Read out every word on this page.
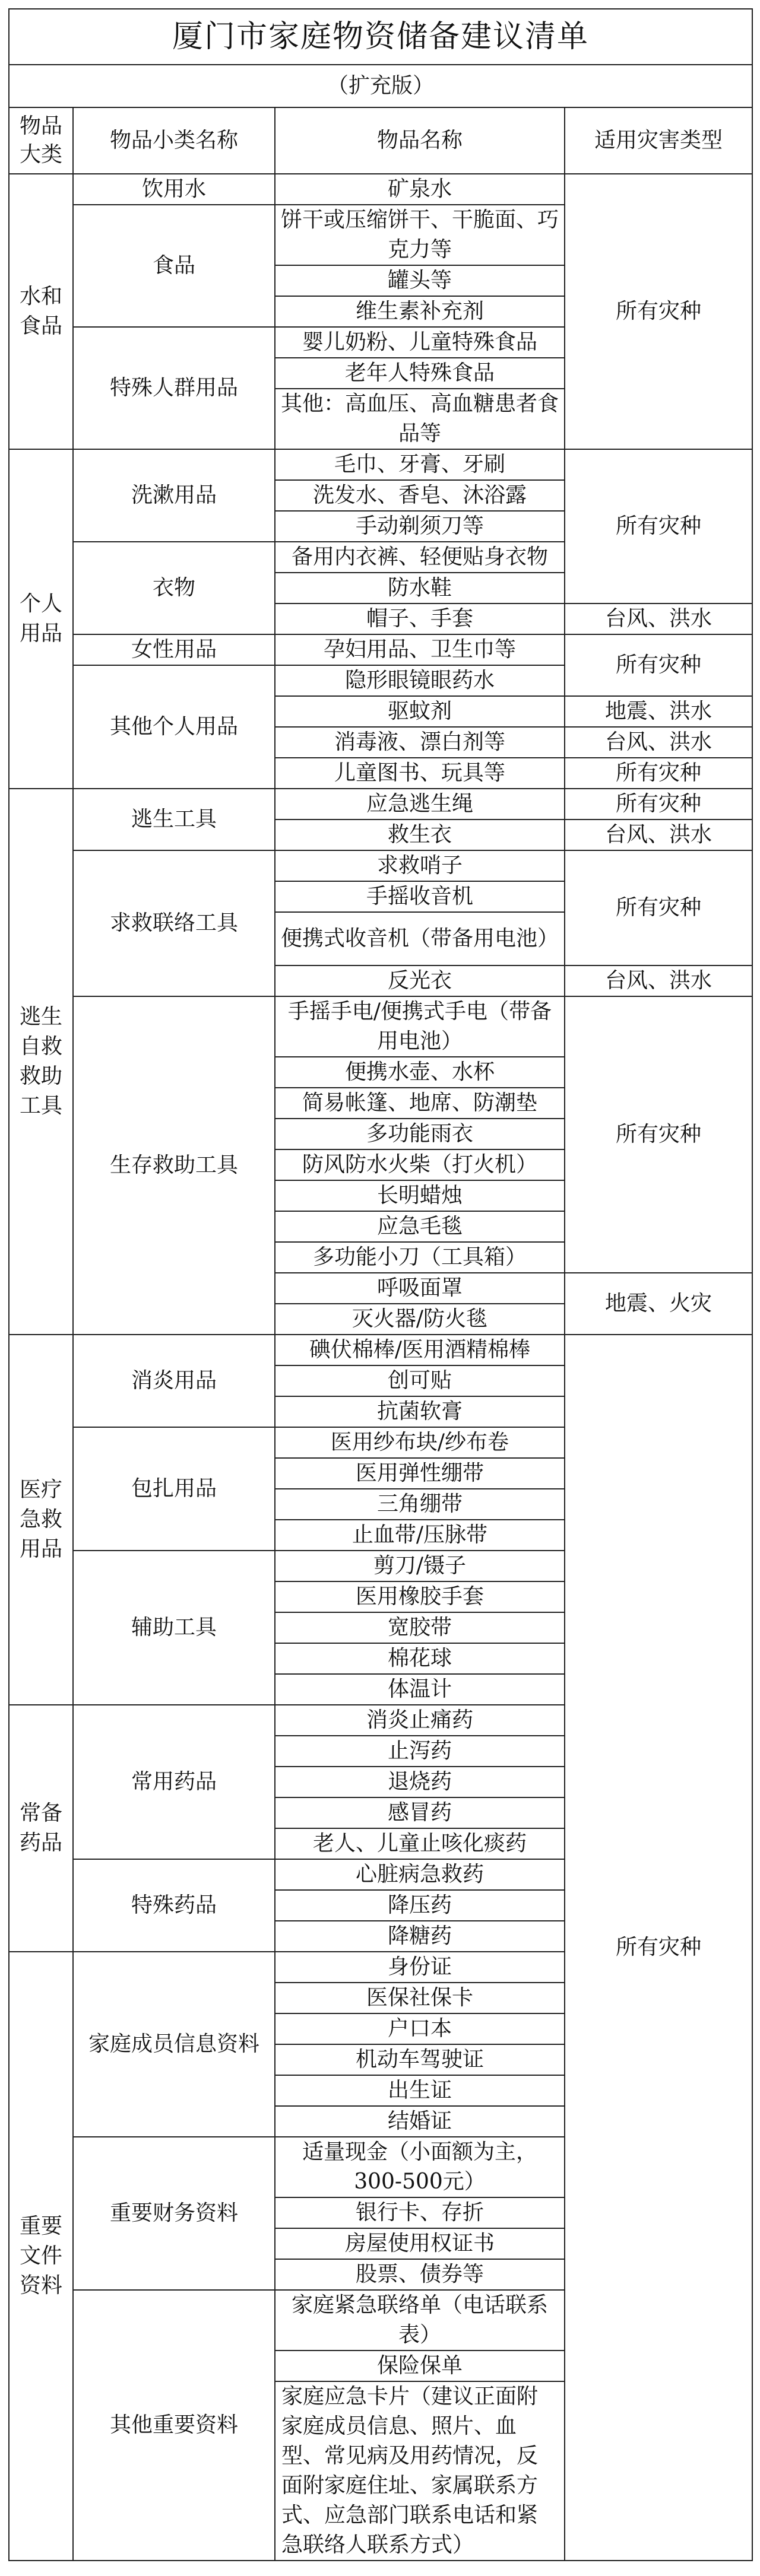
厦门市家庭物资储备建议清单			
（扩充版）			
物品大类	物品小类名称	物品名称	适用灾害类型
水和食品	饮用水	矿泉水	所有灾种
	食品	饼干或压缩饼干、干脆面、巧克力等	
		罐头等	
		维生素补充剂	
	特殊人群用品	婴儿奶粉、儿童特殊食品	
		老年人特殊食品	
		其他：高血压、高血糖患者食品等	
个人用品	洗漱用品	毛巾、牙膏、牙刷	所有灾种
		洗发水、香皂、沐浴露	
		手动剃须刀等	
	衣物	备用内衣裤、轻便贴身衣物	
		防水鞋	
		帽子、手套	台风、洪水
	女性用品	孕妇用品、卫生巾等	所有灾种
	其他个人用品	隐形眼镜眼药水	
		驱蚊剂	地震、洪水
		消毒液、漂白剂等	台风、洪水
		儿童图书、玩具等	所有灾种
逃生自救救助工具	逃生工具	应急逃生绳	所有灾种
		救生衣	台风、洪水
	求救联络工具	求救哨子	所有灾种
		手摇收音机	
		便携式收音机（带备用电池）	
		反光衣	台风、洪水
	生存救助工具	手摇手电/便携式手电（带备用电池）	所有灾种
		便携水壶、水杯	
		简易帐篷、地席、防潮垫	
		多功能雨衣	
		防风防水火柴（打火机）	
		长明蜡烛	
		应急毛毯	
		多功能小刀（工具箱）	
		呼吸面罩	地震、火灾
		灭火器/防火毯	
医疗急救用品	消炎用品	碘伏棉棒/医用酒精棉棒	所有灾种
		创可贴	
		抗菌软膏	
	包扎用品	医用纱布块/纱布卷	
		医用弹性绷带	
		三角绷带	
		止血带/压脉带	
	辅助工具	剪刀/镊子	
		医用橡胶手套	
		宽胶带	
		棉花球	
		体温计	
常备药品	常用药品	消炎止痛药	
		止泻药	
		退烧药	
		感冒药	
		老人、儿童止咳化痰药	
	特殊药品	心脏病急救药	
		降压药	
		降糖药	
重要文件资料	家庭成员信息资料	身份证	
		医保社保卡	
		户口本	
		机动车驾驶证	
		出生证	
		结婚证	
	重要财务资料	适量现金（小面额为主，300-500元）	
		银行卡、存折	
		房屋使用权证书	
		股票、债券等	
	其他重要资料	家庭紧急联络单（电话联系表）	
		保险保单	
		家庭应急卡片（建议正面附家庭成员信息、照片、血型、常见病及用药情况，反面附家庭住址、家属联系方式、应急部门联系电话和紧急联络人联系方式）	
